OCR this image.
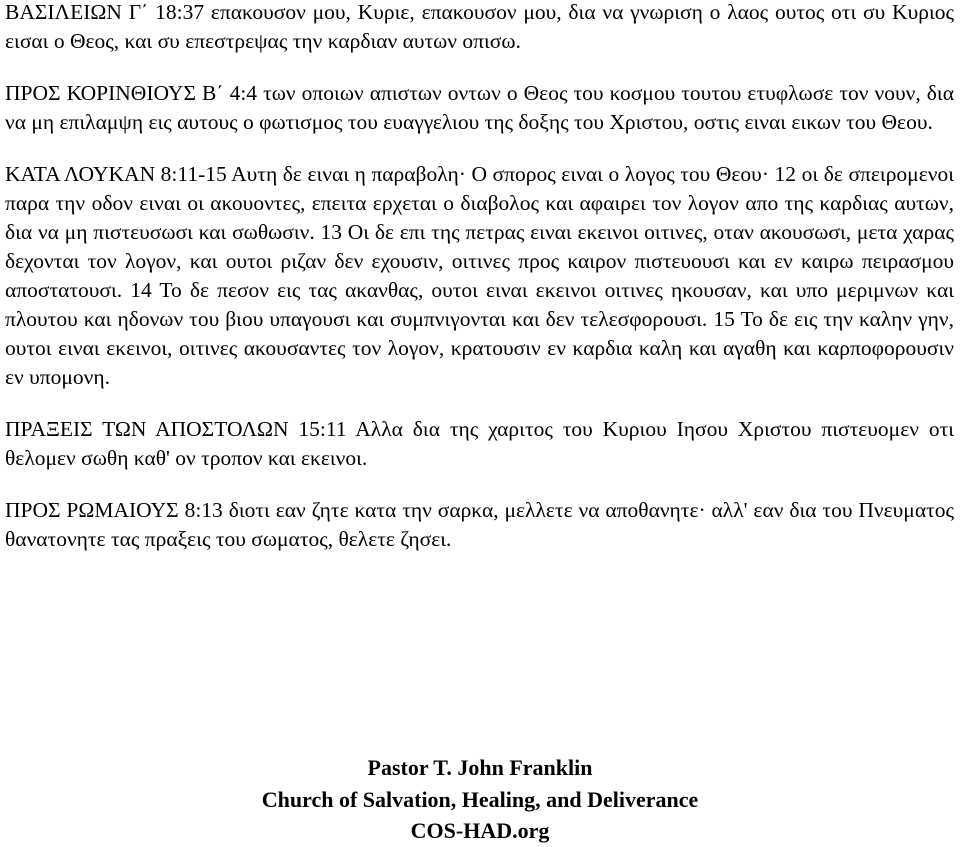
ΒΑΣΙΛΕΙΩΝ Γ΄ 18:37 επακουσον μου, Κυριε, επακουσον μου, δια να γνωριση ο λαος ουτος οτι συ Κυριος εισαι ο Θεος, και συ επεστρεψας την καρδιαν αυτων οπισω.

ΠΡΟΣ ΚΟΡΙΝΘΙΟΥΣ Β΄ 4:4 των οποιων απιστων οντων ο Θεος του κοσμου τουτου ετυφλωσε τον νουν, δια να μη επιλαμψη εις αυτους ο φωτισμος του ευαγγελιου της δοξης του Χριστου, οστις ειναι εικων του Θεου.

ΚΑΤΑ ΛΟΥΚΑΝ 8:11-15 Αυτη δε ειναι η παραβολη· Ο σπορος ειναι ο λογος του Θεου· 12 οι δε σπειρομενοι παρα την οδον ειναι οι ακουοντες, επειτα ερχεται ο διαβολος και αφαιρει τον λογον απο της καρδιας αυτων, δια να μη πιστευσωσι και σωθωσιν. 13 Οι δε επι της πετρας ειναι εκεινοι οιτινες, οταν ακουσωσι, μετα χαρας δεχονται τον λογον, και ουτοι ριζαν δεν εχουσιν, οιτινες προς καιρον πιστευουσι και εν καιρω πειρασμου αποστατουσι. 14 Το δε πεσον εις τας ακανθας, ουτοι ειναι εκεινοι οιτινες ηκουσαν, και υπο μεριμνων και πλουτου και ηδονων του βιου υπαγουσι και συμπνιγονται και δεν τελεσφορουσι. 15 Το δε εις την καλην γην, ουτοι ειναι εκεινοι, οιτινες ακουσαντες τον λογον, κρατουσιν εν καρδια καλη και αγαθη και καρποφορουσιν εν υπομονη.

ΠΡΑΞΕΙΣ ΤΩΝ ΑΠΟΣΤΟΛΩΝ 15:11 Αλλα δια της χαριτος του Κυριου Ιησου Χριστου πιστευομεν οτι θελομεν σωθη καθ' ον τροπον και εκεινοι.

ΠΡΟΣ ΡΩΜΑΙΟΥΣ 8:13 διοτι εαν ζητε κατα την σαρκα, μελλετε να αποθανητε· αλλ' εαν δια του Πνευματος θανατονητε τας πραξεις του σωματος, θελετε ζησει.

Pastor T. John Franklin
Church of Salvation, Healing, and Deliverance
COS-HAD.org
